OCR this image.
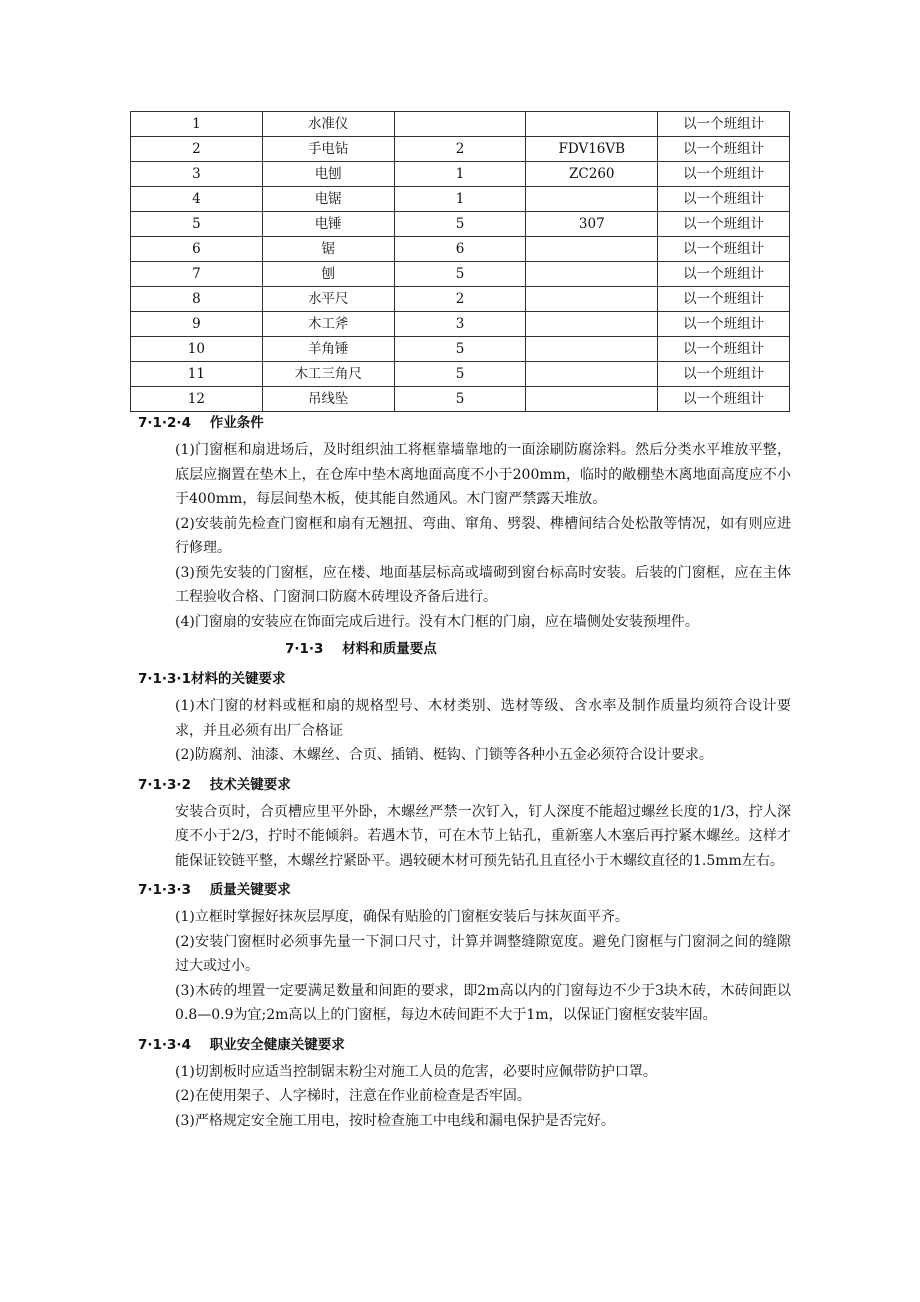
1	水准仪			以一个班组计
2	手电钻	2	FDV16VB	以一个班组计
3	电刨	1	ZC260	以一个班组计
4	电锯	1		以一个班组计
5	电锤	5	307	以一个班组计
6	锯	6		以一个班组计
7	刨	5		以一个班组计
8	水平尺	2		以一个班组计
9	木工斧	3		以一个班组计
10	羊角锤	5		以一个班组计
11	木工三角尺	5		以一个班组计
12	吊线坠	5		以一个班组计
7·1·2·4    作业条件
(1)门窗框和扇进场后，及时组织油工将框靠墙靠地的一面涂刷防腐涂料。然后分类水平堆放平整，底层应搁置在垫木上，在仓库中垫木离地面高度不小于200mm，临时的敞棚垫木离地面高度应不小于400mm，每层间垫木板，使其能自然通风。木门窗严禁露天堆放。
(2)安装前先检查门窗框和扇有无翘扭、弯曲、窜角、劈裂、榫槽间结合处松散等情况，如有则应进行修理。
(3)预先安装的门窗框，应在楼、地面基层标高或墙砌到窗台标高时安装。后装的门窗框，应在主体工程验收合格、门窗洞口防腐木砖埋设齐备后进行。
(4)门窗扇的安装应在饰面完成后进行。没有木门框的门扇，应在墙侧处安装预埋件。
7·1·3    材料和质量要点
7·1·3·1材料的关键要求
(1)木门窗的材料或框和扇的规格型号、木材类别、选材等级、含水率及制作质量均须符合设计要求，并且必须有出厂合格证
(2)防腐剂、油漆、木螺丝、合页、插销、梃钩、门锁等各种小五金必须符合设计要求。
7·1·3·2    技术关键要求
安装合页时，合页槽应里平外卧，木螺丝严禁一次钉入，钉人深度不能超过螺丝长度的1/3，拧人深度不小于2/3，拧时不能倾斜。若遇木节，可在木节上钻孔，重新塞人木塞后再拧紧木螺丝。这样才能保证铰链平整，木螺丝拧紧卧平。遇较硬木材可预先钻孔且直径小于木螺纹直径的1.5mm左右。
7·1·3·3    质量关键要求
(1)立框时掌握好抹灰层厚度，确保有贴脸的门窗框安装后与抹灰面平齐。
(2)安装门窗框时必须事先量一下洞口尺寸，计算并调整缝隙宽度。避免门窗框与门窗洞之间的缝隙过大或过小。
(3)木砖的埋置一定要满足数量和间距的要求，即2m高以内的门窗每边不少于3块木砖，木砖间距以0.8—0.9为宜;2m高以上的门窗框，每边木砖间距不大于1m，以保证门窗框安装牢固。
7·1·3·4    职业安全健康关键要求
(1)切割板时应适当控制锯末粉尘对施工人员的危害，必要时应佩带防护口罩。
(2)在使用架子、人字梯时，注意在作业前检查是否牢固。
(3)严格规定安全施工用电，按时检查施工中电线和漏电保护是否完好。
